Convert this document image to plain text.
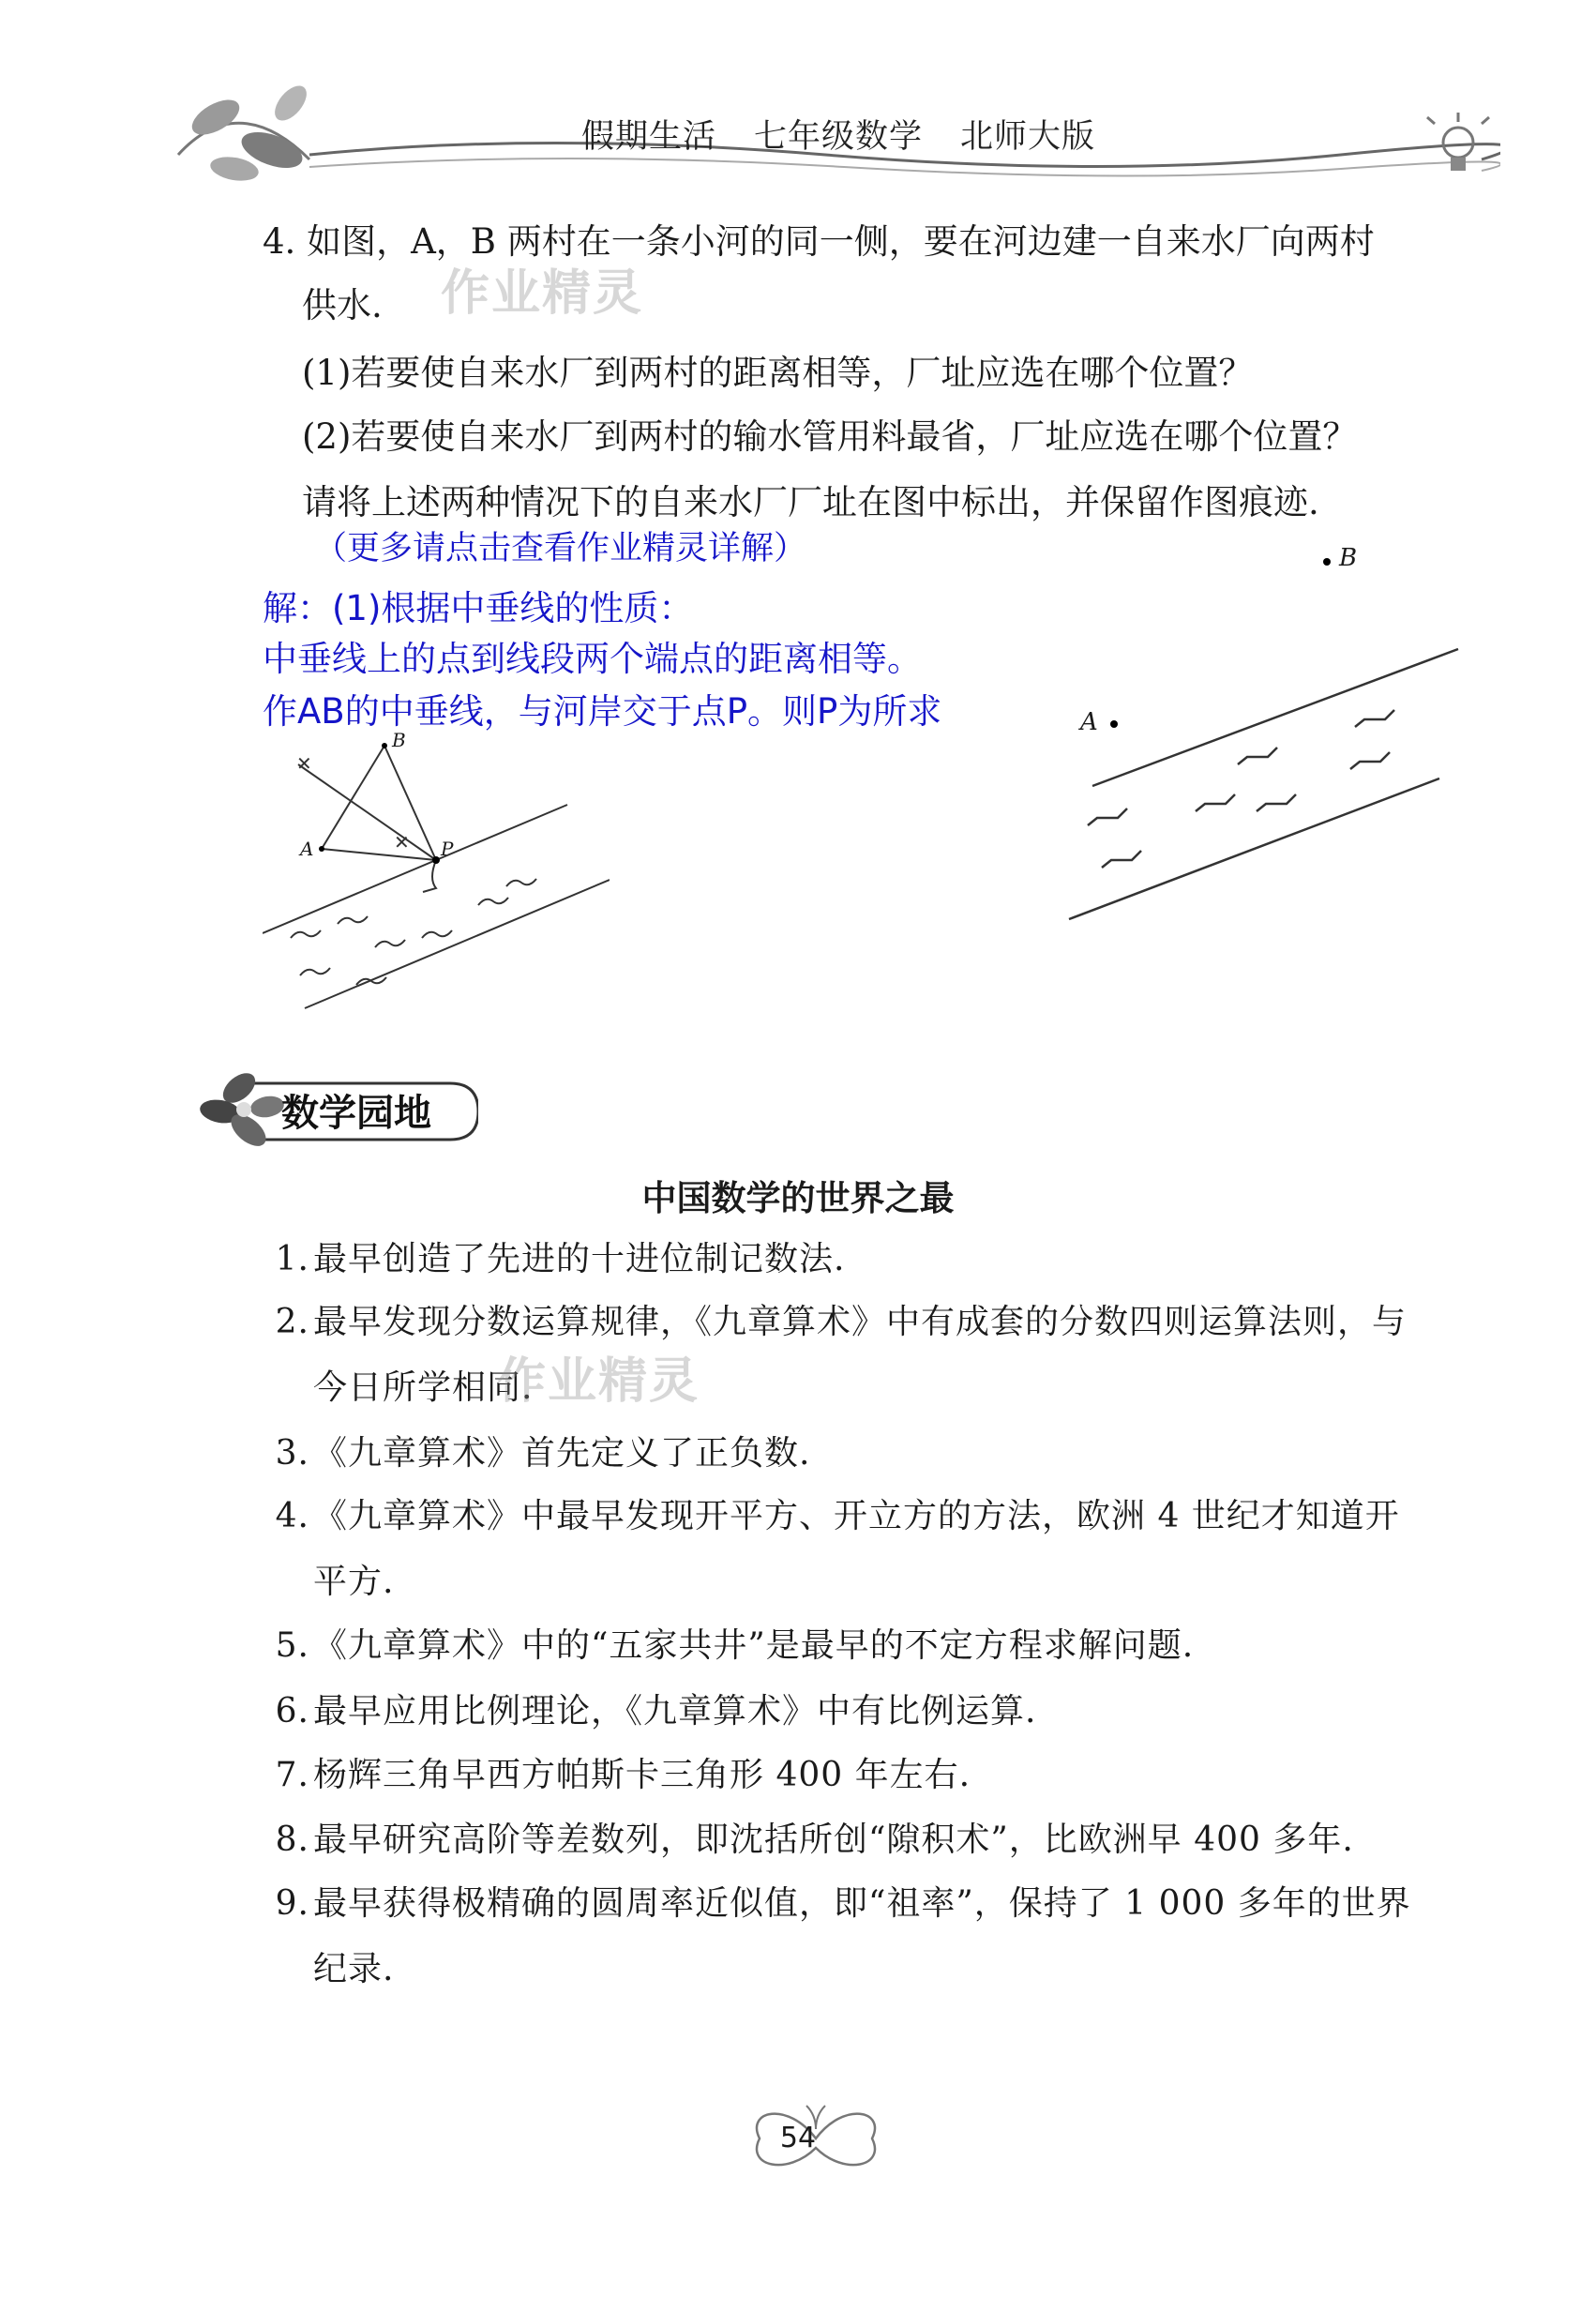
假期生活 七年级数学 北师大版
4. 如图，A，B 两村在一条小河的同一侧，要在河边建一自来水厂向两村
供水. 作业精灵
(1)若要使自来水厂到两村的距离相等，厂址应选在哪个位置？
(2)若要使自来水厂到两村的输水管用料最省，厂址应选在哪个位置？
请将上述两种情况下的自来水厂厂址在图中标出，并保留作图痕迹.
（更多请点击查看作业精灵详解）
解：(1)根据中垂线的性质：
中垂线上的点到线段两个端点的距离相等。
作AB的中垂线，与河岸交于点P。则P为所求
✕
✕
B
A	P
B
A
数学园地
中国数学的世界之最
1. 最早创造了先进的十进位制记数法.
2. 最早发现分数运算规律，《九章算术》中有成套的分数四则运算法则，与
今日所学相同.
作业精灵
3. 《九章算术》首先定义了正负数.
4. 《九章算术》中最早发现开平方、开立方的方法，欧洲 4 世纪才知道开
平方.
5. 《九章算术》中的“五家共井”是最早的不定方程求解问题.
6. 最早应用比例理论，《九章算术》中有比例运算.
7. 杨辉三角早西方帕斯卡三角形 400 年左右.
8. 最早研究高阶等差数列，即沈括所创“隙积术”，比欧洲早 400 多年.
9. 最早获得极精确的圆周率近似值，即“祖率”，保持了 1 000 多年的世界
纪录.
54
